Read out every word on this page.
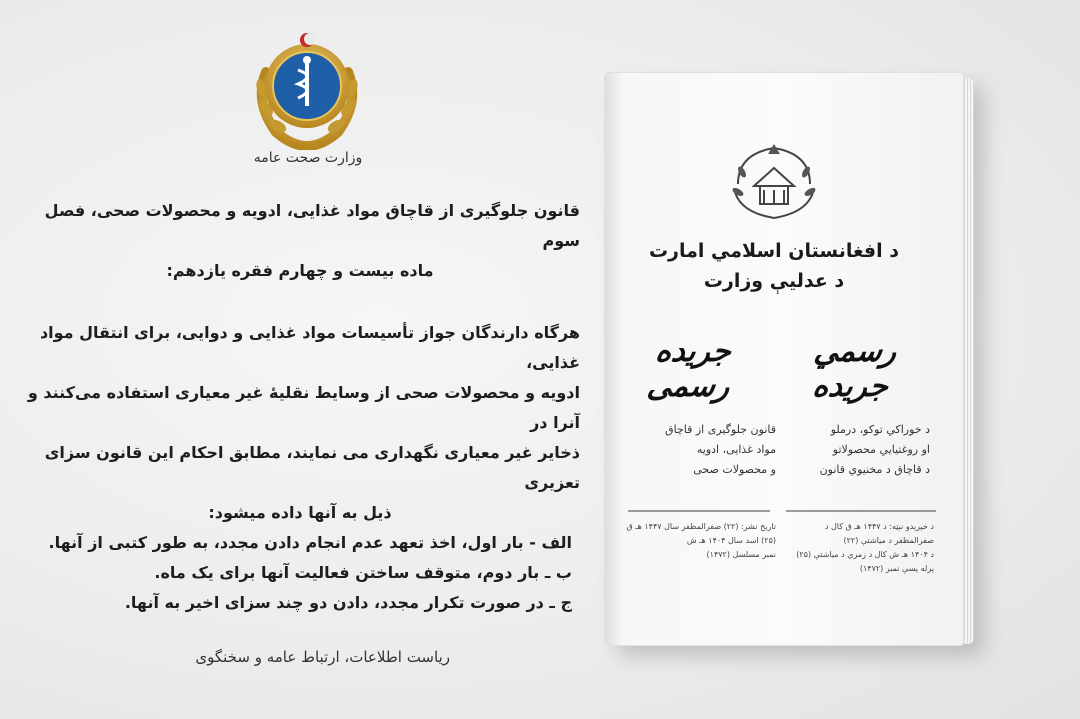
وزارت صحت عامه

قانون جلوگیری از قاچاق مواد غذایی، ادویه و محصولات صحی، فصل سوم

ماده بیست و چهارم فقره یازدهم:

هرگاه دارندگان جواز تأسیسات مواد غذایی و دوایی، برای انتقال مواد غذایی،

ادویه و محصولات صحی از وسایط نقلیهٔ غیر معیاری استفاده می‌کنند و آنرا در

ذخایر غیر معیاری نگهداری می نمایند، مطابق احکام این قانون سزای تعزیری

ذیل به آنها داده میشود:

الف - بار اول، اخذ تعهد عدم انجام دادن مجدد، به طور کتبی از آنها.

ب ـ بار دوم، متوقف ساختن فعالیت آنها برای یک ماه.

ج ـ در صورت تکرار مجدد، دادن دو چند سزای اخیر به آنها.

ریاست اطلاعات، ارتباط عامه و سخنگوی
د افغانستان اسلامي امارت
د عدلیې وزارت
رسمي جريده
جريده رسمی
د خوراکي توکو، درملو
او روغتیایي محصولاتو
د قاچاق د مخنیوي قانون
قانون جلوگیری از قاچاق
مواد غذایی، ادویه
و محصولات صحی
د خپرېدو نېټه: د ۱۴۴۷ هـ ق کال د صفرالمظفر د میاشتې (۲۲)
د ۱۴۰۴ هـ ش کال د زمري د میاشتې (۲۵)
پرله پسې نمبر (۱۴۷۲)
تاریخ نشر: (۲۲) صفرالمظفر سال ۱۴۴۷ هـ ق
(۲۵) اسد سال ۱۴۰۴ هـ ش
نمبر مسلسل (۱۴۷۲)
